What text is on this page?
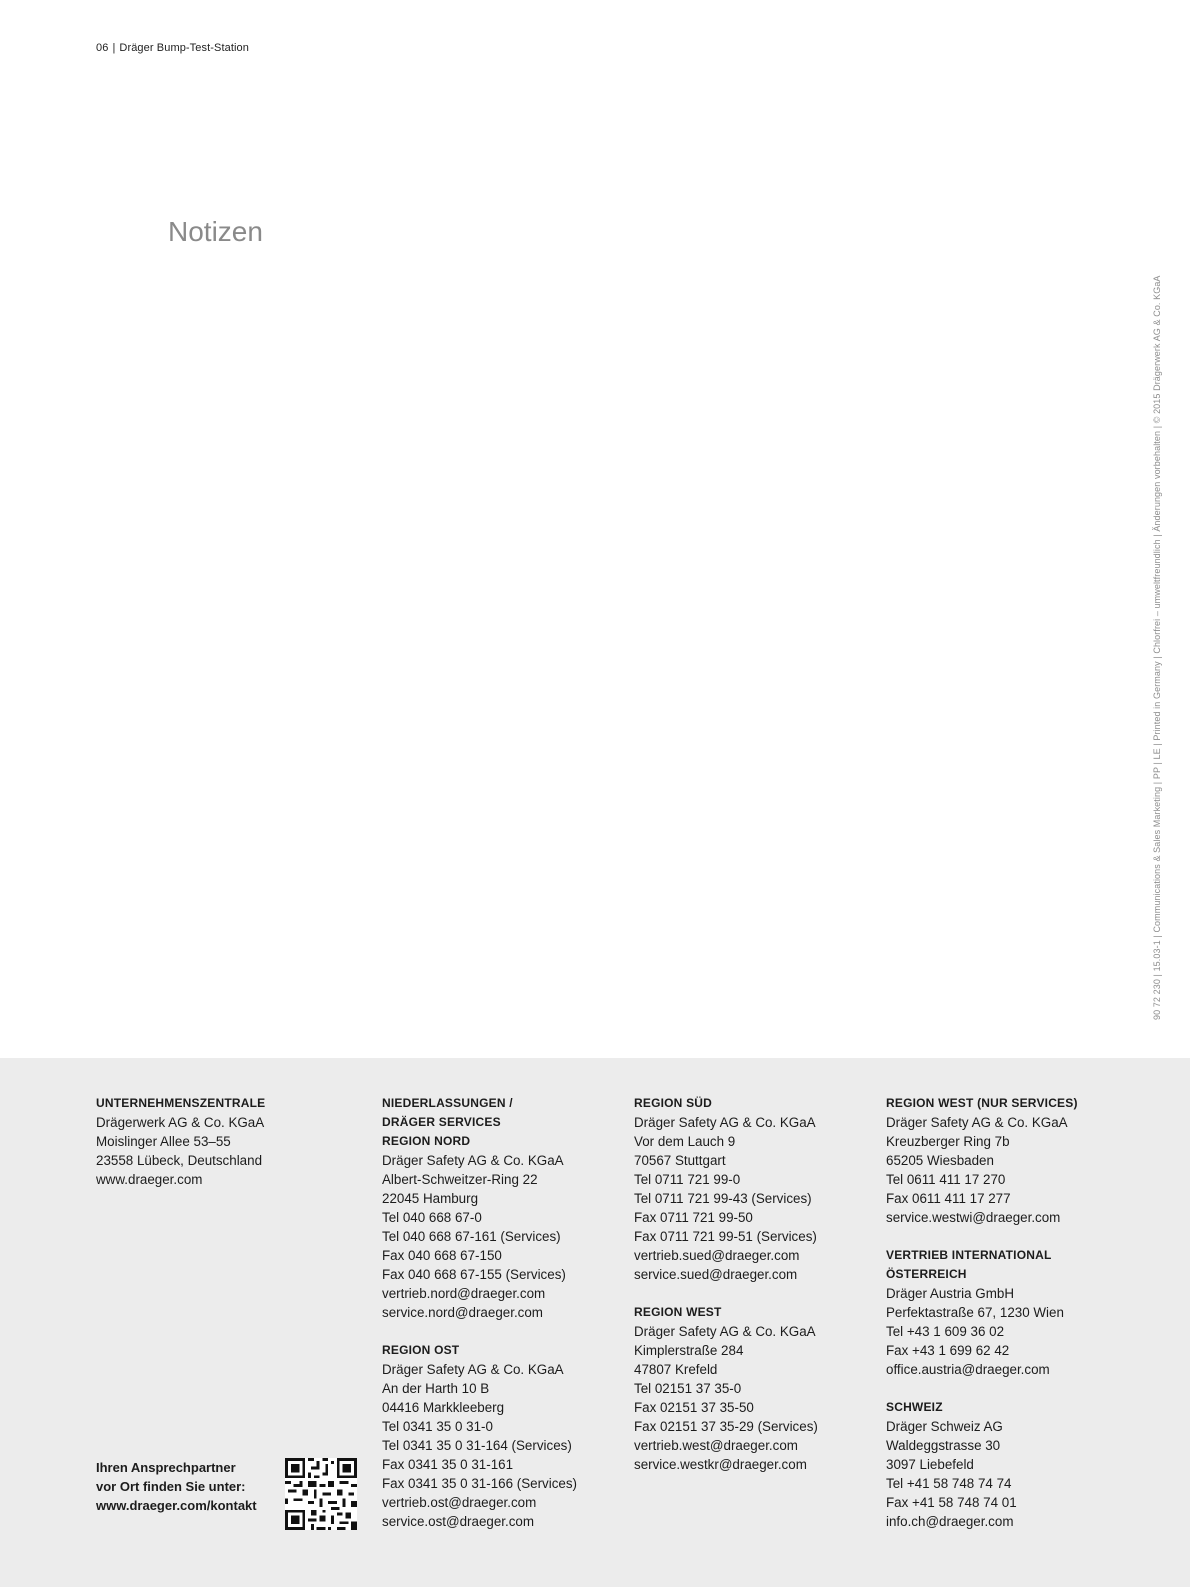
06 | Dräger Bump-Test-Station
Notizen
90 72 230 | 15.03-1 | Communications & Sales Marketing | PP | LE | Printed in Germany | Chlorfrei – umweltfreundlich | Änderungen vorbehalten | © 2015 Drägerwerk AG & Co. KGaA
UNTERNEHMENSZENTRALE
Drägerwerk AG & Co. KGaA
Moislinger Allee 53–55
23558 Lübeck, Deutschland
www.draeger.com
Ihren Ansprechpartner
vor Ort finden Sie unter:
www.draeger.com/kontakt
NIEDERLASSUNGEN /
DRÄGER SERVICES
REGION NORD
Dräger Safety AG & Co. KGaA
Albert-Schweitzer-Ring 22
22045 Hamburg
Tel 040 668 67-0
Tel 040 668 67-161 (Services)
Fax 040 668 67-150
Fax 040 668 67-155 (Services)
vertrieb.nord@draeger.com
service.nord@draeger.com
REGION OST
Dräger Safety AG & Co. KGaA
An der Harth 10 B
04416 Markkleeberg
Tel 0341 35 0 31-0
Tel 0341 35 0 31-164 (Services)
Fax 0341 35 0 31-161
Fax 0341 35 0 31-166 (Services)
vertrieb.ost@draeger.com
service.ost@draeger.com
REGION SÜD
Dräger Safety AG & Co. KGaA
Vor dem Lauch 9
70567 Stuttgart
Tel 0711 721 99-0
Tel 0711 721 99-43 (Services)
Fax 0711 721 99-50
Fax 0711 721 99-51 (Services)
vertrieb.sued@draeger.com
service.sued@draeger.com
REGION WEST
Dräger Safety AG & Co. KGaA
Kimplerstraße 284
47807 Krefeld
Tel 02151 37 35-0
Fax 02151 37 35-50
Fax 02151 37 35-29 (Services)
vertrieb.west@draeger.com
service.westkr@draeger.com
REGION WEST (NUR SERVICES)
Dräger Safety AG & Co. KGaA
Kreuzberger Ring 7b
65205 Wiesbaden
Tel 0611 411 17 270
Fax 0611 411 17 277
service.westwi@draeger.com
VERTRIEB INTERNATIONAL
ÖSTERREICH
Dräger Austria GmbH
Perfektastraße 67, 1230 Wien
Tel +43 1 609 36 02
Fax +43 1 699 62 42
office.austria@draeger.com
SCHWEIZ
Dräger Schweiz AG
Waldeggstrasse 30
3097 Liebefeld
Tel +41 58 748 74 74
Fax +41 58 748 74 01
info.ch@draeger.com
